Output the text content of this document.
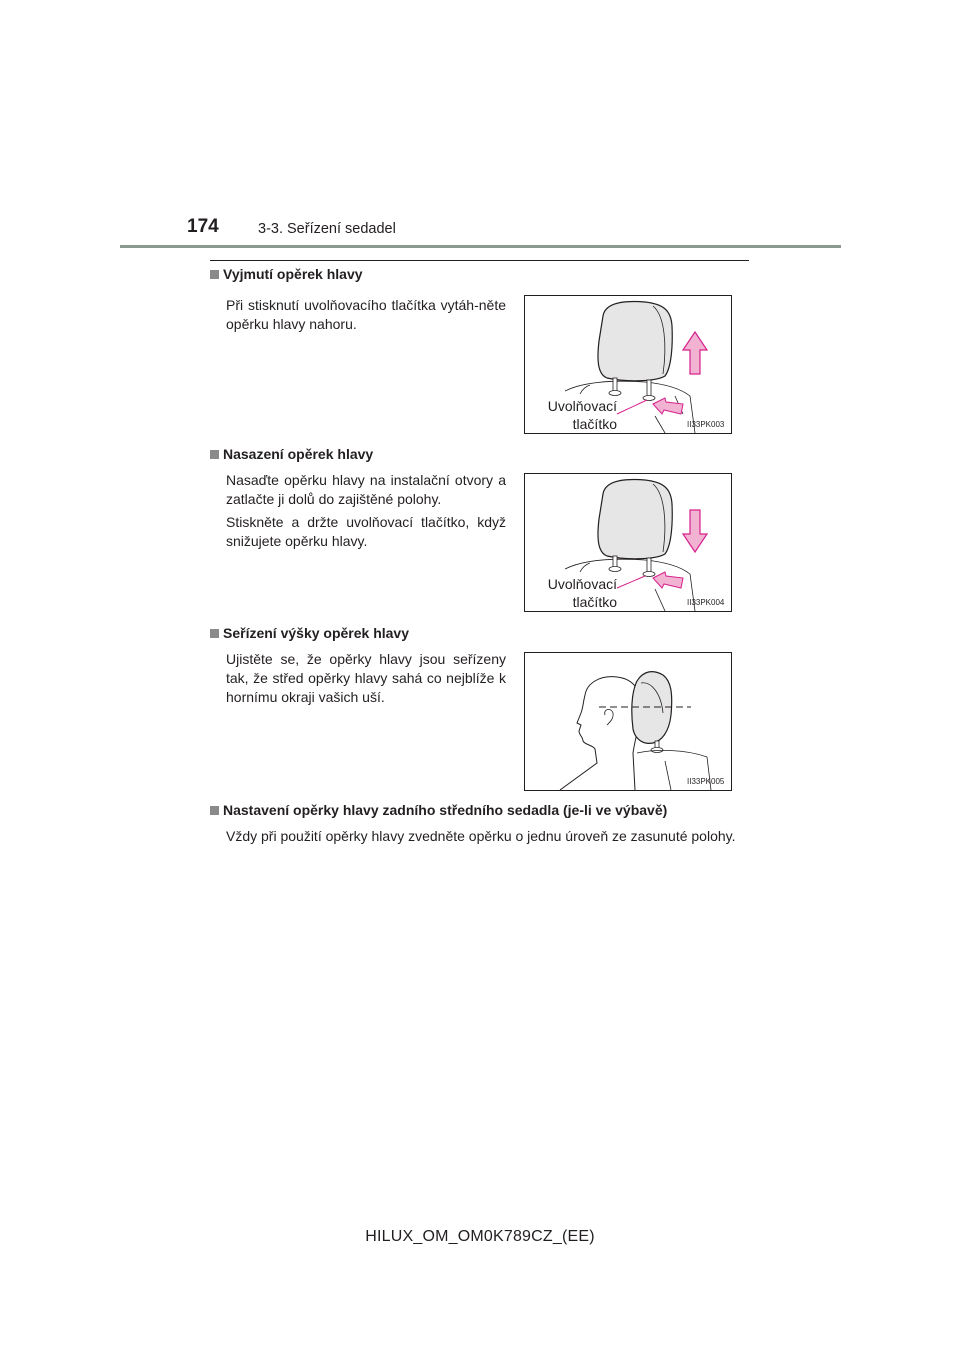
174	3-3. Seřízení sedadel
Vyjmutí opěrek hlavy
Při stisknutí uvolňovacího tlačítka vytáh-něte opěrku hlavy nahoru.
Uvolňovací
tlačítko	II33PK003
Nasazení opěrek hlavy
Nasaďte opěrku hlavy na instalační otvory a zatlačte ji dolů do zajištěné polohy.
Stiskněte a držte uvolňovací tlačítko, když snižujete opěrku hlavy.
Uvolňovací
tlačítko	II33PK004
Seřízení výšky opěrek hlavy
Ujistěte se, že opěrky hlavy jsou seřízeny tak, že střed opěrky hlavy sahá co nejblíže k hornímu okraji vašich uší.
II33PK005
Nastavení opěrky hlavy zadního středního sedadla (je-li ve výbavě)
Vždy při použití opěrky hlavy zvedněte opěrku o jednu úroveň ze zasunuté polohy.
HILUX_OM_OM0K789CZ_(EE)
